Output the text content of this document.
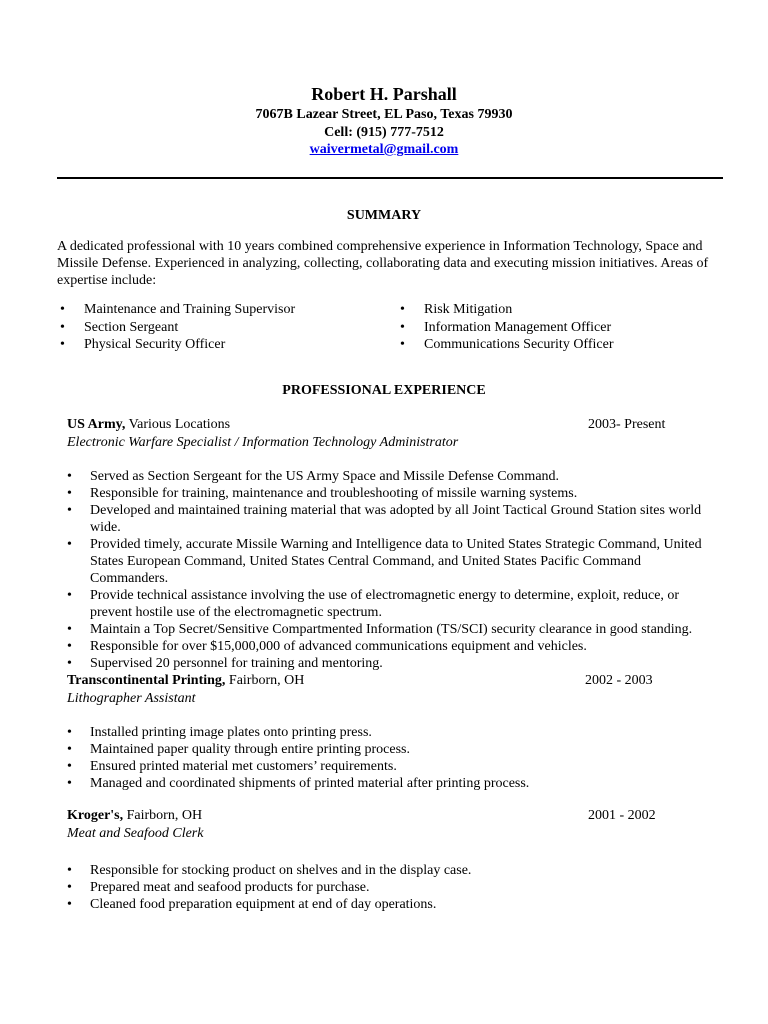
Robert H. Parshall
7067B Lazear Street, EL Paso, Texas 79930
Cell: (915) 777-7512
waivermetal@gmail.com
SUMMARY
A dedicated professional with 10 years combined comprehensive experience in Information Technology, Space and Missile Defense. Experienced in analyzing, collecting, collaborating data and executing mission initiatives. Areas of expertise include:
• Maintenance and Training Supervisor
• Section Sergeant
• Physical Security Officer
• Risk Mitigation
• Information Management Officer
• Communications Security Officer
PROFESSIONAL EXPERIENCE
US Army, Various Locations	2003- Present
Electronic Warfare Specialist / Information Technology Administrator
• Served as Section Sergeant for the US Army Space and Missile Defense Command.
• Responsible for training, maintenance and troubleshooting of missile warning systems.
• Developed and maintained training material that was adopted by all Joint Tactical Ground Station sites world wide.
• Provided timely, accurate Missile Warning and Intelligence data to United States Strategic Command, United States European Command, United States Central Command, and United States Pacific Command Commanders.
• Provide technical assistance involving the use of electromagnetic energy to determine, exploit, reduce, or prevent hostile use of the electromagnetic spectrum.
• Maintain a Top Secret/Sensitive Compartmented Information (TS/SCI) security clearance in good standing.
• Responsible for over $15,000,000 of advanced communications equipment and vehicles.
• Supervised 20 personnel for training and mentoring.
Transcontinental Printing, Fairborn, OH	2002 - 2003
Lithographer Assistant
• Installed printing image plates onto printing press.
• Maintained paper quality through entire printing process.
• Ensured printed material met customers’ requirements.
• Managed and coordinated shipments of printed material after printing process.
Kroger's, Fairborn, OH	2001 - 2002
Meat and Seafood Clerk
• Responsible for stocking product on shelves and in the display case.
• Prepared meat and seafood products for purchase.
• Cleaned food preparation equipment at end of day operations.
